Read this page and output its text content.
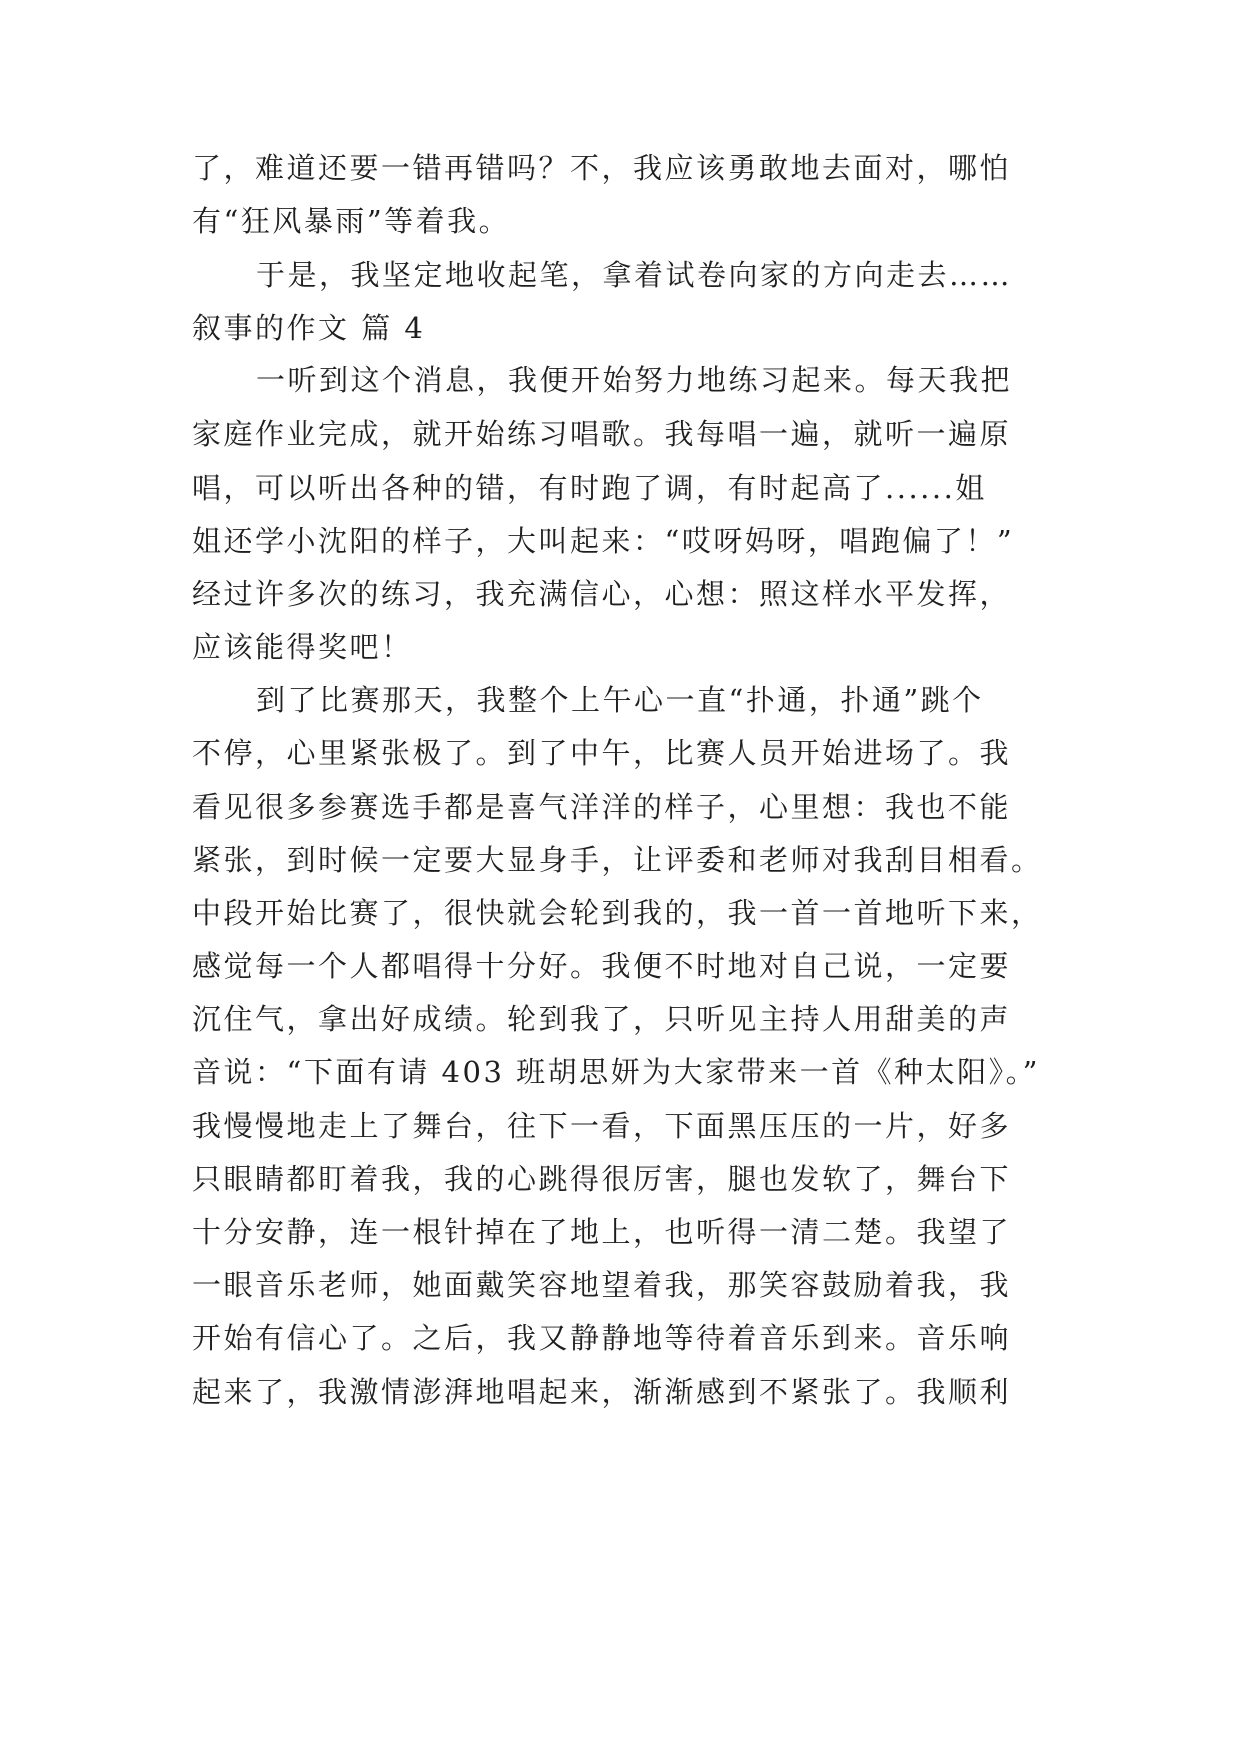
了，难道还要一错再错吗？不，我应该勇敢地去面对，哪怕
有“狂风暴雨”等着我。
于是，我坚定地收起笔，拿着试卷向家的方向走去……
叙事的作文 篇 4
一听到这个消息，我便开始努力地练习起来。每天我把
家庭作业完成，就开始练习唱歌。我每唱一遍，就听一遍原
唱，可以听出各种的错，有时跑了调，有时起高了......姐
姐还学小沈阳的样子，大叫起来：“哎呀妈呀，唱跑偏了！”
经过许多次的练习，我充满信心，心想：照这样水平发挥，
应该能得奖吧！
到了比赛那天，我整个上午心一直“扑通，扑通”跳个
不停，心里紧张极了。到了中午，比赛人员开始进场了。我
看见很多参赛选手都是喜气洋洋的样子，心里想：我也不能
紧张，到时候一定要大显身手，让评委和老师对我刮目相看。
中段开始比赛了，很快就会轮到我的，我一首一首地听下来，
感觉每一个人都唱得十分好。我便不时地对自己说，一定要
沉住气，拿出好成绩。轮到我了，只听见主持人用甜美的声
音说：“下面有请 403 班胡思妍为大家带来一首《种太阳》。”
我慢慢地走上了舞台，往下一看，下面黑压压的一片，好多
只眼睛都盯着我，我的心跳得很厉害，腿也发软了，舞台下
十分安静，连一根针掉在了地上，也听得一清二楚。我望了
一眼音乐老师，她面戴笑容地望着我，那笑容鼓励着我，我
开始有信心了。之后，我又静静地等待着音乐到来。音乐响
起来了，我激情澎湃地唱起来，渐渐感到不紧张了。我顺利
